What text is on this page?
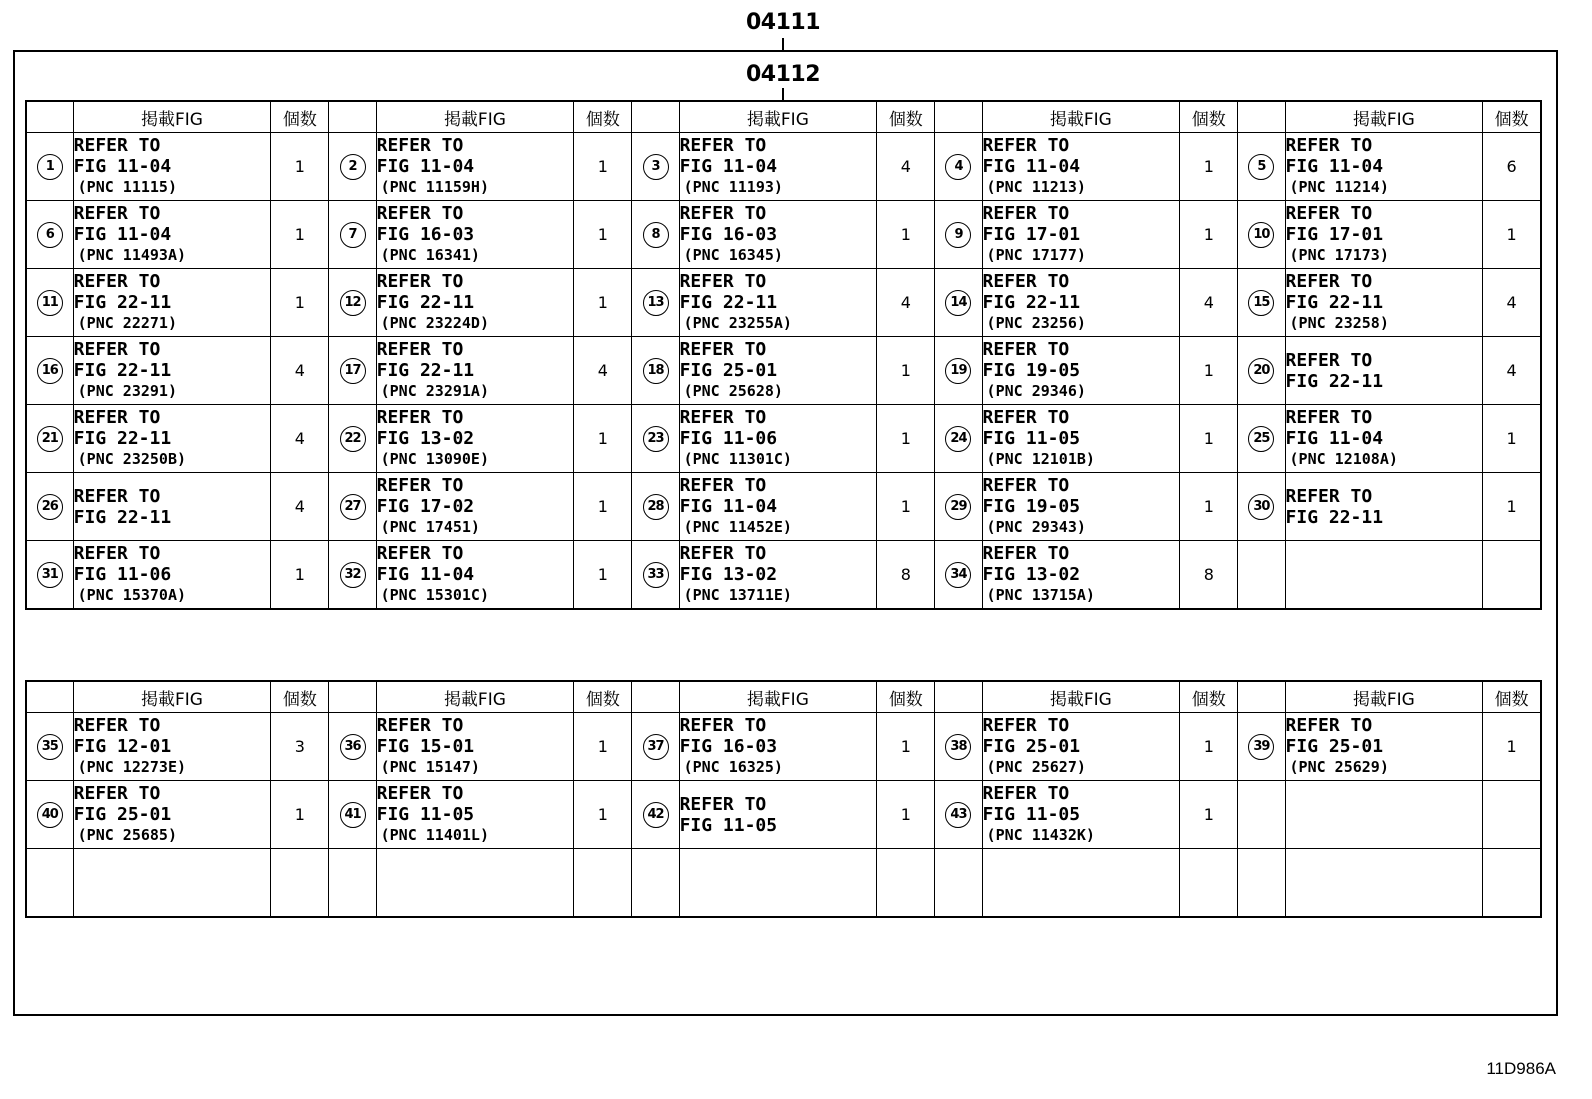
04111
04112
	掲載FIG	個数		掲載FIG	個数		掲載FIG	個数		掲載FIG	個数		掲載FIG	個数
1	REFER TO
FIG 11-04
(PNC 11115)	1	2	REFER TO
FIG 11-04
(PNC 11159H)	1	3	REFER TO
FIG 11-04
(PNC 11193)	4	4	REFER TO
FIG 11-04
(PNC 11213)	1	5	REFER TO
FIG 11-04
(PNC 11214)	6
6	REFER TO
FIG 11-04
(PNC 11493A)	1	7	REFER TO
FIG 16-03
(PNC 16341)	1	8	REFER TO
FIG 16-03
(PNC 16345)	1	9	REFER TO
FIG 17-01
(PNC 17177)	1	10	REFER TO
FIG 17-01
(PNC 17173)	1
11	REFER TO
FIG 22-11
(PNC 22271)	1	12	REFER TO
FIG 22-11
(PNC 23224D)	1	13	REFER TO
FIG 22-11
(PNC 23255A)	4	14	REFER TO
FIG 22-11
(PNC 23256)	4	15	REFER TO
FIG 22-11
(PNC 23258)	4
16	REFER TO
FIG 22-11
(PNC 23291)	4	17	REFER TO
FIG 22-11
(PNC 23291A)	4	18	REFER TO
FIG 25-01
(PNC 25628)	1	19	REFER TO
FIG 19-05
(PNC 29346)	1	20	REFER TO
FIG 22-11	4
21	REFER TO
FIG 22-11
(PNC 23250B)	4	22	REFER TO
FIG 13-02
(PNC 13090E)	1	23	REFER TO
FIG 11-06
(PNC 11301C)	1	24	REFER TO
FIG 11-05
(PNC 12101B)	1	25	REFER TO
FIG 11-04
(PNC 12108A)	1
26	REFER TO
FIG 22-11	4	27	REFER TO
FIG 17-02
(PNC 17451)	1	28	REFER TO
FIG 11-04
(PNC 11452E)	1	29	REFER TO
FIG 19-05
(PNC 29343)	1	30	REFER TO
FIG 22-11	1
31	REFER TO
FIG 11-06
(PNC 15370A)	1	32	REFER TO
FIG 11-04
(PNC 15301C)	1	33	REFER TO
FIG 13-02
(PNC 13711E)	8	34	REFER TO
FIG 13-02
(PNC 13715A)	8			
	掲載FIG	個数		掲載FIG	個数		掲載FIG	個数		掲載FIG	個数		掲載FIG	個数
35	REFER TO
FIG 12-01
(PNC 12273E)	3	36	REFER TO
FIG 15-01
(PNC 15147)	1	37	REFER TO
FIG 16-03
(PNC 16325)	1	38	REFER TO
FIG 25-01
(PNC 25627)	1	39	REFER TO
FIG 25-01
(PNC 25629)	1
40	REFER TO
FIG 25-01
(PNC 25685)	1	41	REFER TO
FIG 11-05
(PNC 11401L)	1	42	REFER TO
FIG 11-05	1	43	REFER TO
FIG 11-05
(PNC 11432K)	1			

11D986A
